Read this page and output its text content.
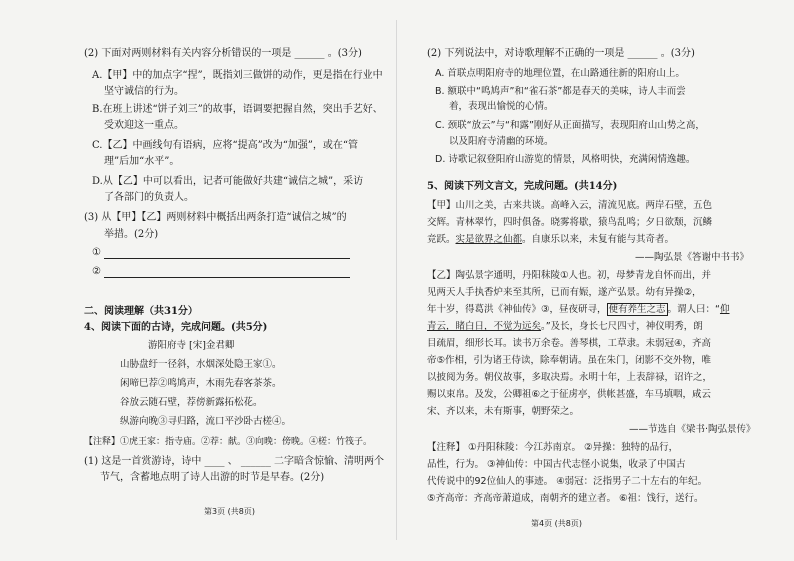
(2) 下面对两则材料有关内容分析错误的一项是 ______ 。(3分)
A.【甲】中的加点字“捏”，既指刘三做饼的动作，更是指在行业中
坚守诚信的行为。
B.在班上讲述“饼子刘三”的故事，语调要把握自然，突出手艺好、
受欢迎这一重点。
C.【乙】中画线句有语病，应将“提高”改为“加强”，或在“管
理”后加“水平”。
D.从【乙】中可以看出，记者可能做好共建“诚信之城”，采访
了各部门的负责人。
(3) 从【甲】【乙】两则材料中概括出两条打造“诚信之城”的
举措。(2分)
①
②
二、阅读理解（共31分）
4、阅读下面的古诗，完成问题。(共5分)
游阳府寺 [宋]金君卿
山胁盘纡一径斜，水烟深处隐王家①。
闲啼巳荐②鸣鸠声，木雨先春客茶茶。
谷放云随石壁，荐傍新露拓松花。
纵游向晚③寻归路，流口平沙卧古槎④。
【注释】①虎王家：指寺庙。②荐：献。③向晚：傍晚。④槎：竹筏子。
(1) 这是一首赏游诗，诗中 ____ 、 ______ 二字暗含惊愉、清明两个
节气，含蓄地点明了诗人出游的时节是早春。(2分)
第3页 (共8页)
(2) 下列说法中，对诗歌理解不正确的一项是 ______ 。(3分)
A. 首联点明阳府寺的地理位置，在山路通往新的阳府山上。
B. 额联中“鸣鸠声”和“雀石茶”都是春天的美味，诗人丰而尝
着，表现出愉悦的心情。
C. 颈联“放云”与“和露”刚好从正面描写，表现阳府山山势之高，
以及阳府寺清幽的环境。
D. 诗歌记叙登阳府山游览的情景，风格明快，充满闲情逸趣。
5、阅读下列文言文，完成问题。(共14分)
【甲】山川之美，古来共谈。高峰入云，清流见底。两岸石壁，五色
交辉。青林翠竹，四时俱备。晓雾将歇，猿鸟乱鸣；夕日欲颓，沉鳞
竞跃。实是欲界之仙都。自康乐以来，未复有能与其奇者。
——陶弘景《答谢中书书》
【乙】陶弘景字通明，丹阳秣陵①人也。初，母梦青龙自怀而出，并
见两天人手执香炉来至其所，已而有娠，遂产弘景。幼有异操②，
年十岁，得葛洪《神仙传》③，昼夜研寻， 便有养生之志 。谓人曰：“仰
青云，睹白日，不觉为远矣。”及长，身长七尺四寸，神仪明秀，朗
目疏眉，细形长耳。读书万余卷。善琴棋，工草隶。未弱冠④，齐高
帝⑤作相，引为诸王侍读，除奉朝请。虽在朱门，闭影不交外物，唯
以披阅为务。朝仪故事，多取决焉。永明十年，上表辞禄，诏许之，
赐以束帛。及发，公卿祖⑥之于征虏亭，供帐甚盛，车马填咽，咸云
宋、齐以来，未有斯事，朝野荣之。
——节选自《梁书·陶弘景传》
【注释】 ①丹阳秣陵：今江苏南京。 ②异操：独特的品行，
品性，行为。 ③神仙传：中国古代志怪小说集，收录了中国古
代传说中的92位仙人的事迹。 ④弱冠：泛指男子二十左右的年纪。
⑤齐高帝：齐高帝萧道成，南朝齐的建立者。 ⑥祖：饯行，送行。
第4页 (共8页)
